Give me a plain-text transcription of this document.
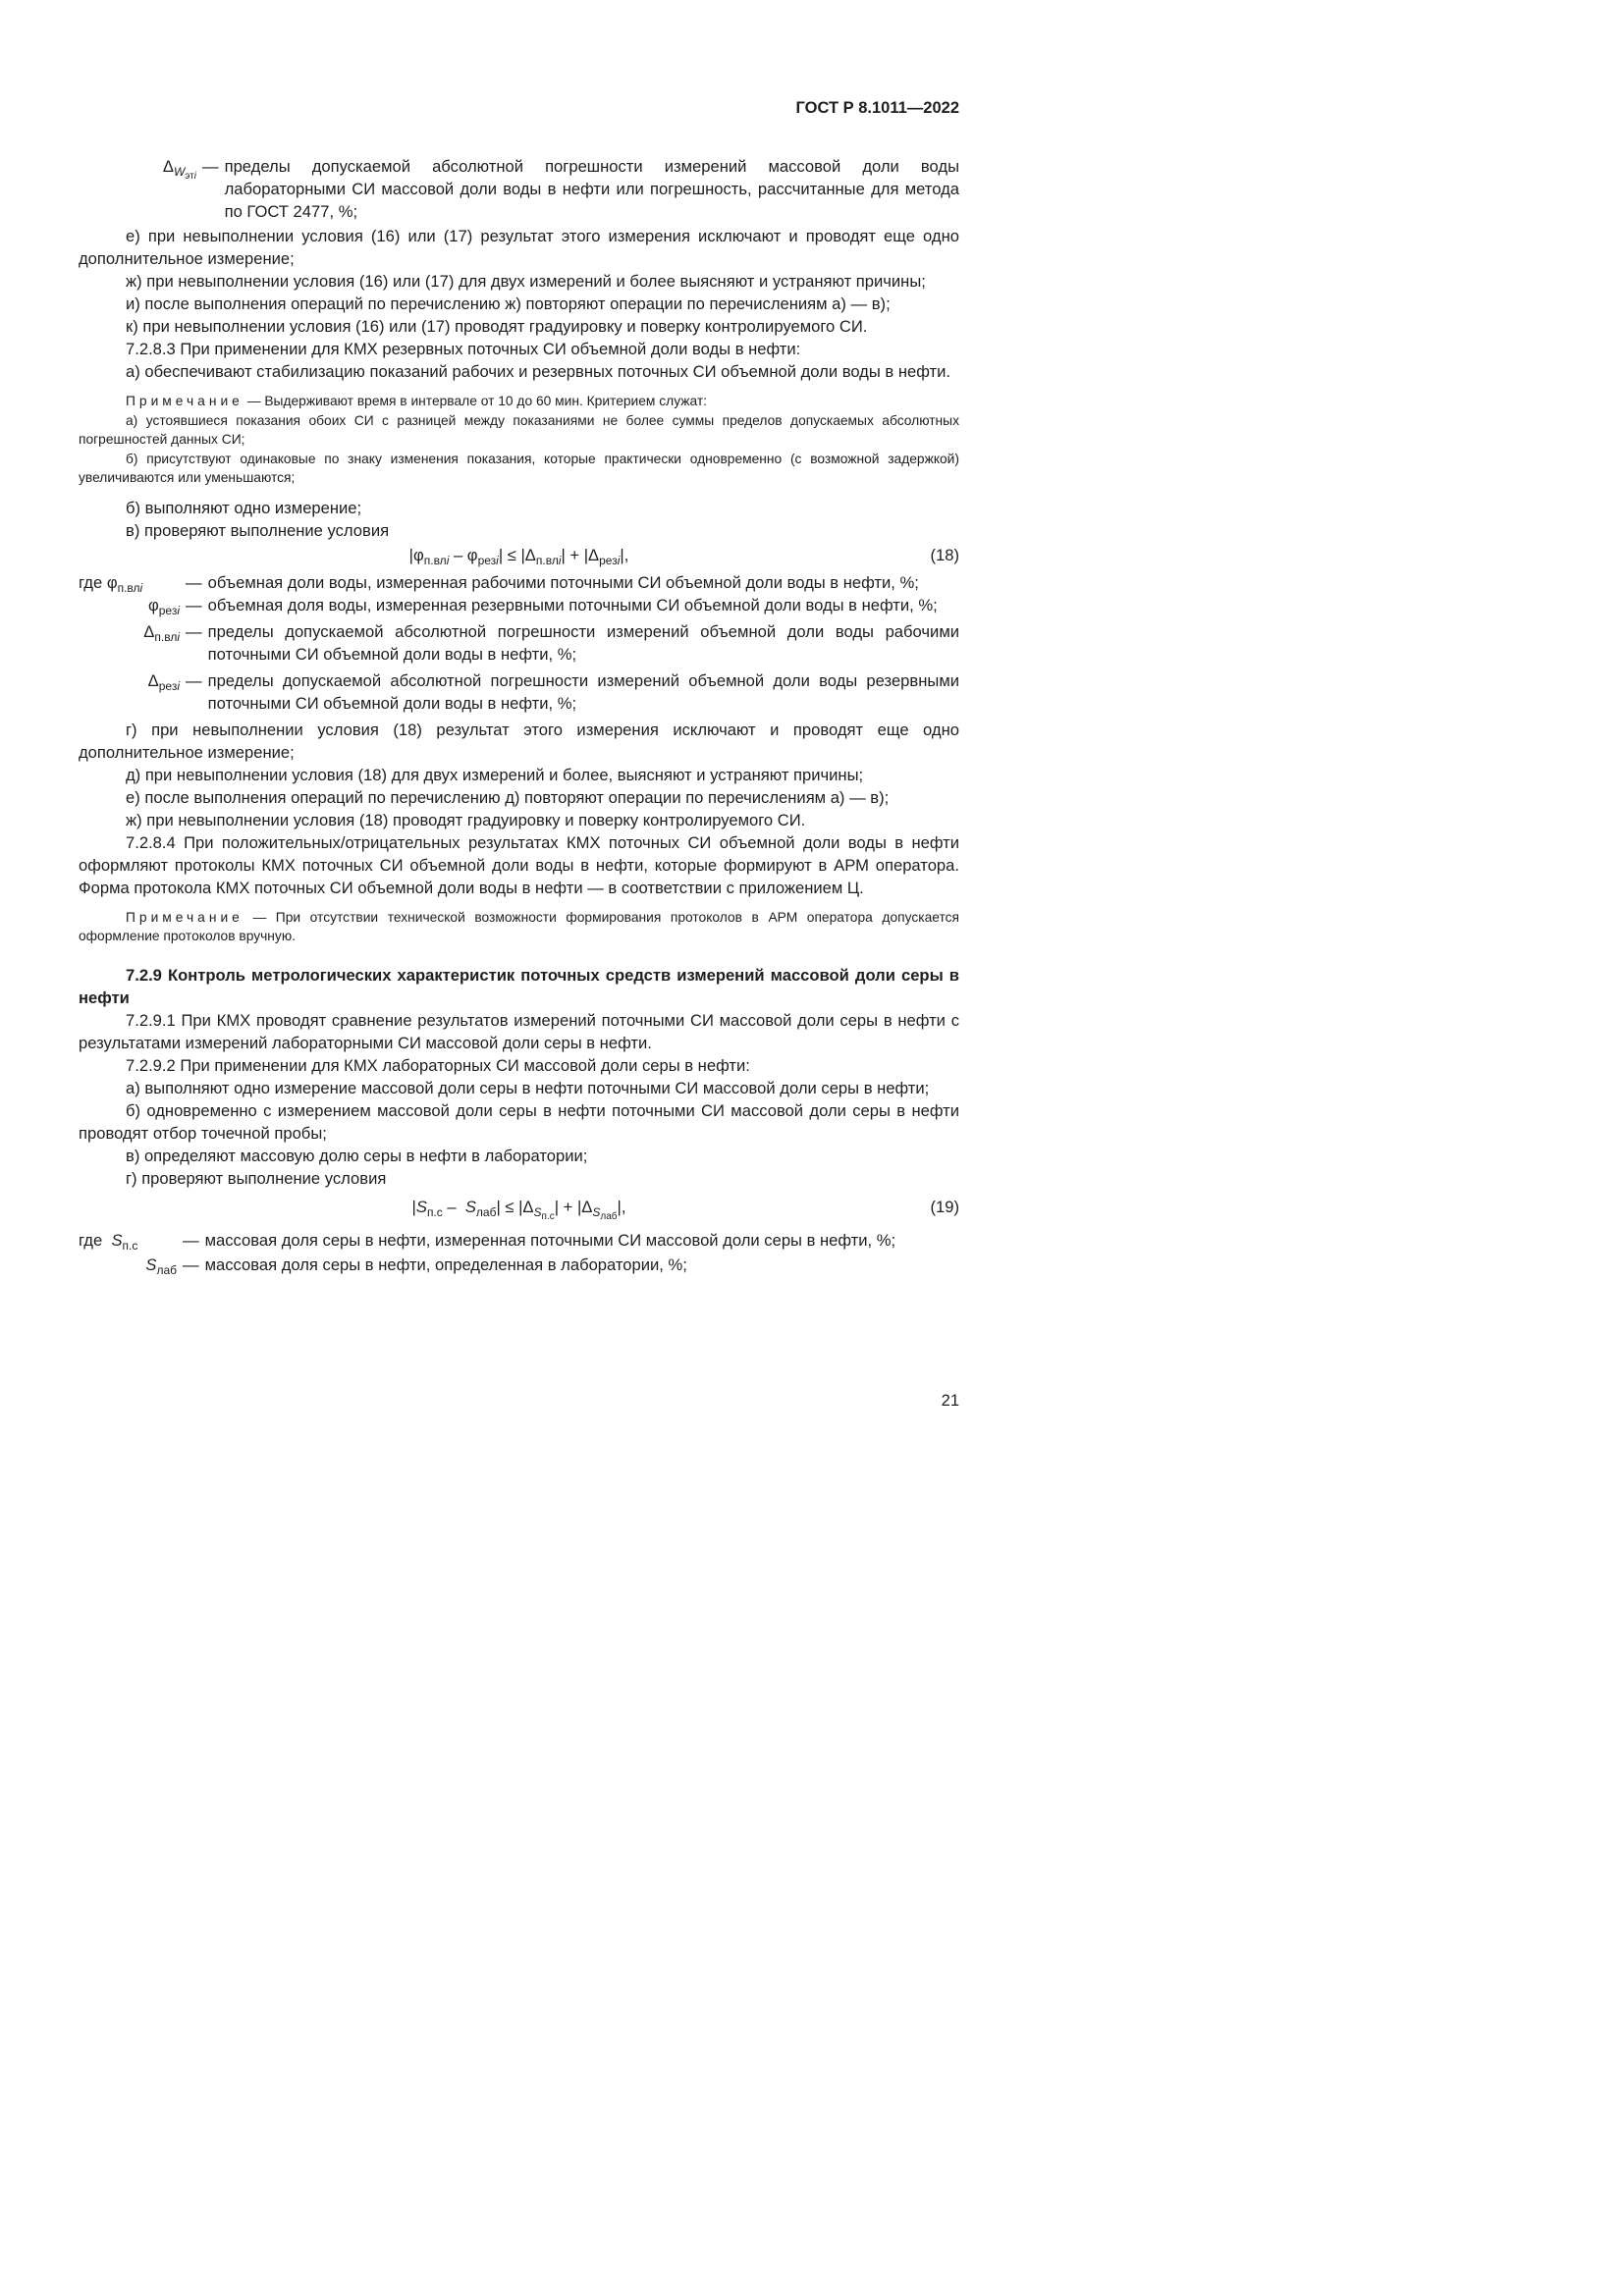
ГОСТ Р 8.1011—2022
$\Delta_{W_{этi}}$
— пределы допускаемой абсолютной погрешности измерений массовой доли воды лабораторными СИ массовой доли воды в нефти или погрешность, рассчитанные для метода по ГОСТ 2477, %;

е) при невыполнении условия (16) или (17) результат этого измерения исключают и проводят еще одно дополнительное измерение;

ж) при невыполнении условия (16) или (17) для двух измерений и более выясняют и устраняют причины;

и) после выполнения операций по перечислению ж) повторяют операции по перечислениям а) — в);

к) при невыполнении условия (16) или (17) проводят градуировку и поверку контролируемого СИ.

7.2.8.3 При применении для КМХ резервных поточных СИ объемной доли воды в нефти:

а) обеспечивают стабилизацию показаний рабочих и резервных поточных СИ объемной доли воды в нефти.

Примечание — Выдерживают время в интервале от 10 до 60 мин. Критерием служат:

а) устоявшиеся показания обоих СИ с разницей между показаниями не более суммы пределов допускаемых абсолютных погрешностей данных СИ;

б) присутствуют одинаковые по знаку изменения показания, которые практически одновременно (с возможной задержкой) увеличиваются или уменьшаются;

б) выполняют одно измерение;

в) проверяют выполнение условия

$|\varphi_{п.влi} - \varphi_{резi}| \le |\Delta_{п.влi}| + |\Delta_{резi}|$,	(18)
где $\varphi_{п.влi}$	— объемная доли воды, измеренная рабочими поточными СИ объемной доли воды в нефти, %;
$\varphi_{резi}$ — объемная доля воды, измеренная резервными поточными СИ объемной доли воды в нефти, %;
$\Delta_{п.влi}$ — пределы допускаемой абсолютной погрешности измерений объемной доли воды рабочими поточными СИ объемной доли воды в нефти, %;
$\Delta_{резi}$ — пределы допускаемой абсолютной погрешности измерений объемной доли воды резервными поточными СИ объемной доли воды в нефти, %;

г) при невыполнении условия (18) результат этого измерения исключают и проводят еще одно дополнительное измерение;

д) при невыполнении условия (18) для двух измерений и более, выясняют и устраняют причины;

е) после выполнения операций по перечислению д) повторяют операции по перечислениям а) — в);

ж) при невыполнении условия (18) проводят градуировку и поверку контролируемого СИ.

7.2.8.4 При положительных/отрицательных результатах КМХ поточных СИ объемной доли воды в нефти оформляют протоколы КМХ поточных СИ объемной доли воды в нефти, которые формируют в АРМ оператора. Форма протокола КМХ поточных СИ объемной доли воды в нефти — в соответствии с приложением Ц.

Примечание — При отсутствии технической возможности формирования протоколов в АРМ оператора допускается оформление протоколов вручную.

7.2.9 Контроль метрологических характеристик поточных средств измерений массовой доли серы в нефти

7.2.9.1 При КМХ проводят сравнение результатов измерений поточными СИ массовой доли серы в нефти с результатами измерений лабораторными СИ массовой доли серы в нефти.

7.2.9.2 При применении для КМХ лабораторных СИ массовой доли серы в нефти:

а) выполняют одно измерение массовой доли серы в нефти поточными СИ массовой доли серы в нефти;

б) одновременно с измерением массовой доли серы в нефти поточными СИ массовой доли серы в нефти проводят отбор точечной пробы;

в) определяют массовую долю серы в нефти в лаборатории;

г) проверяют выполнение условия

$|S_{п.с} - S_{лаб}| \le |\Delta_{S_{п.с}}| + |\Delta_{S_{лаб}}|$,	(19)
где $S_{п.с}$	— массовая доля серы в нефти, измеренная поточными СИ массовой доли серы в нефти, %;
$S_{лаб}$ — массовая доля серы в нефти, определенная в лаборатории, %;
21
